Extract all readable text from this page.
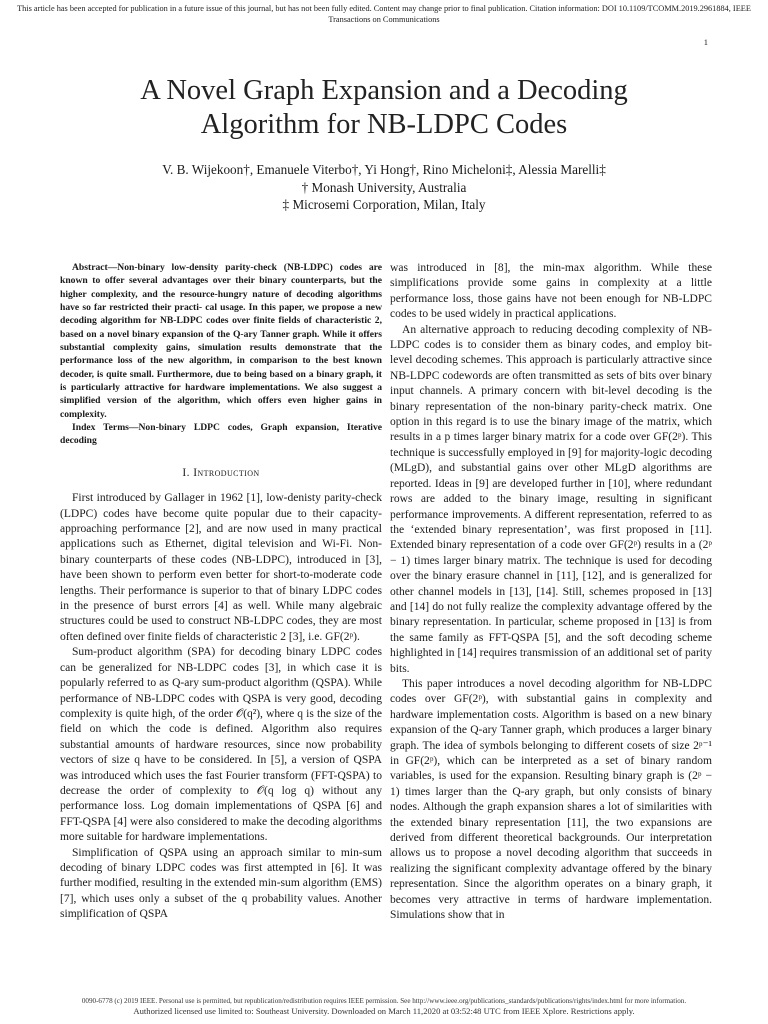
This article has been accepted for publication in a future issue of this journal, but has not been fully edited. Content may change prior to final publication. Citation information: DOI 10.1109/TCOMM.2019.2961884, IEEE
Transactions on Communications
1
A Novel Graph Expansion and a Decoding
Algorithm for NB-LDPC Codes
V. B. Wijekoon†, Emanuele Viterbo†, Yi Hong†, Rino Micheloni‡, Alessia Marelli‡
† Monash University, Australia
‡ Microsemi Corporation, Milan, Italy

Abstract—Non-binary low-density parity-check (NB-LDPC) codes are known to offer several advantages over their binary counterparts, but the higher complexity, and the resource-hungry nature of decoding algorithms have so far restricted their practi- cal usage. In this paper, we propose a new decoding algorithm for NB-LDPC codes over finite fields of characteristic 2, based on a novel binary expansion of the Q-ary Tanner graph. While it offers substantial complexity gains, simulation results demonstrate that the performance loss of the new algorithm, in comparison to the best known decoder, is quite small. Furthermore, due to being based on a binary graph, it is particularly attractive for hardware implementations. We also suggest a simplified version of the algorithm, which offers even higher gains in complexity.

Index Terms—Non-binary LDPC codes, Graph expansion, Iterative decoding

I. Introduction

First introduced by Gallager in 1962 [1], low-denisty parity-check (LDPC) codes have become quite popular due to their capacity-approaching performance [2], and are now used in many practical applications such as Ethernet, digital television and Wi-Fi. Non-binary counterparts of these codes (NB-LDPC), introduced in [3], have been shown to perform even better for short-to-moderate code lengths. Their performance is superior to that of binary LDPC codes in the presence of burst errors [4] as well. While many algebraic structures could be used to construct NB-LDPC codes, they are most often defined over finite fields of characteristic 2 [3], i.e. GF(2ᵖ).

Sum-product algorithm (SPA) for decoding binary LDPC codes can be generalized for NB-LDPC codes [3], in which case it is popularly referred to as Q-ary sum-product algorithm (QSPA). While performance of NB-LDPC codes with QSPA is very good, decoding complexity is quite high, of the order 𝒪(q²), where q is the size of the field on which the code is defined. Algorithm also requires substantial amounts of hardware resources, since now probability vectors of size q have to be considered. In [5], a version of QSPA was introduced which uses the fast Fourier transform (FFT-QSPA) to decrease the order of complexity to 𝒪(q log q) without any performance loss. Log domain implementations of QSPA [6] and FFT-QSPA [4] were also considered to make the decoding algorithms more suitable for hardware implementations.

Simplification of QSPA using an approach similar to min-sum decoding of binary LDPC codes was first attempted in [6]. It was further modified, resulting in the extended min-sum algorithm (EMS) [7], which uses only a subset of the q probability values. Another simplification of QSPA

was introduced in [8], the min-max algorithm. While these simplifications provide some gains in complexity at a little performance loss, those gains have not been enough for NB-LDPC codes to be used widely in practical applications.

An alternative approach to reducing decoding complexity of NB-LDPC codes is to consider them as binary codes, and employ bit-level decoding schemes. This approach is particularly attractive since NB-LDPC codewords are often transmitted as sets of bits over binary input channels. A primary concern with bit-level decoding is the binary representation of the non-binary parity-check matrix. One option in this regard is to use the binary image of the matrix, which results in a p times larger binary matrix for a code over GF(2ᵖ). This technique is successfully employed in [9] for majority-logic decoding (MLgD), and substantial gains over other MLgD algorithms are reported. Ideas in [9] are developed further in [10], where redundant rows are added to the binary image, resulting in significant performance improvements. A different representation, referred to as the ‘extended binary representation’, was first proposed in [11]. Extended binary representation of a code over GF(2ᵖ) results in a (2ᵖ − 1) times larger binary matrix. The technique is used for decoding over the binary erasure channel in [11], [12], and is generalized for other channel models in [13], [14]. Still, schemes proposed in [13] and [14] do not fully realize the complexity advantage offered by the binary representation. In particular, scheme proposed in [13] is from the same family as FFT-QSPA [5], and the soft decoding scheme highlighted in [14] requires transmission of an additional set of parity bits.

This paper introduces a novel decoding algorithm for NB-LDPC codes over GF(2ᵖ), with substantial gains in complexity and hardware implementation costs. Algorithm is based on a new binary expansion of the Q-ary Tanner graph, which produces a larger binary graph. The idea of symbols belonging to different cosets of size 2ᵖ⁻¹ in GF(2ᵖ), which can be interpreted as a set of binary random variables, is used for the expansion. Resulting binary graph is (2ᵖ − 1) times larger than the Q-ary graph, but only consists of binary nodes. Although the graph expansion shares a lot of similarities with the extended binary representation [11], the two expansions are derived from different theoretical backgrounds. Our interpretation allows us to propose a novel decoding algorithm that succeeds in realizing the significant complexity advantage offered by the binary representation. Since the algorithm operates on a binary graph, it becomes very attractive in terms of hardware implementation. Simulations show that in

0090-6778 (c) 2019 IEEE. Personal use is permitted, but republication/redistribution requires IEEE permission. See http://www.ieee.org/publications_standards/publications/rights/index.html for more information.
Authorized licensed use limited to: Southeast University. Downloaded on March 11,2020 at 03:52:48 UTC from IEEE Xplore. Restrictions apply.
